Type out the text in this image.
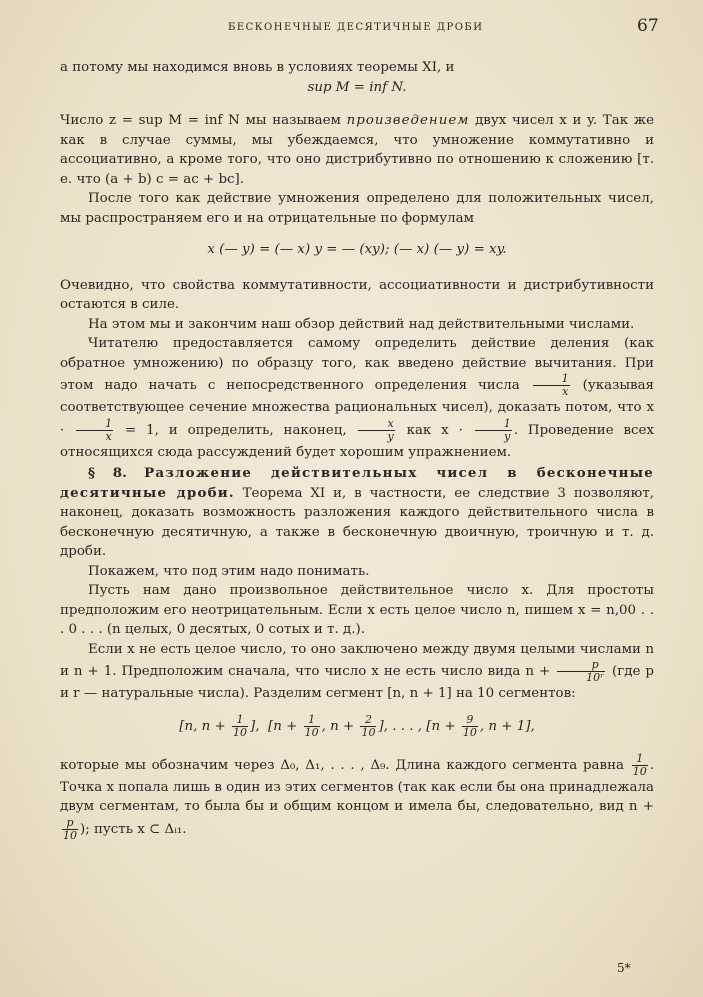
БЕСКОНЕЧНЫЕ ДЕСЯТИЧНЫЕ ДРОБИ	67

а потому мы находимся вновь в условиях теоремы XI, и

sup M = inf N.

Число z = sup M = inf N мы называем произведением двух чисел x и y. Так же как в случае суммы, мы убеждаемся, что умножение коммутативно и ассоциативно, а кроме того, что оно дистрибутивно по отношению к сложению [т. е. что (a + b) c = ac + bc].

После того как действие умножения определено для положительных чисел, мы распространяем его и на отрицательные по формулам

x (— y) = (— x) y = — (xy); (— x) (— y) = xy.

Очевидно, что свойства коммутативности, ассоциативности и дистрибутивности остаются в силе.

На этом мы и закончим наш обзор действий над действительными числами.

Читателю предоставляется самому определить действие деления (как обратное умножению) по образцу того, как введено действие вычитания. При этом надо начать с непосредственного определения числа $\frac{1}{x}$ (указывая соответствующее сечение множества рациональных чисел), доказать потом, что $x \cdot \frac{1}{x} = 1$, и определить, наконец, $\frac{x}{y}$ как $x \cdot \frac{1}{y}$ . Проведение всех относящихся сюда рассуждений будет хорошим упражнением.

§ 8. Разложение действительных чисел в бесконечные десятичные дроби. Теорема XI и, в частности, ее следствие 3 позволяют, наконец, доказать возможность разложения каждого действительного числа в бесконечную десятичную, а также в бесконечную двоичную, троичную и т. д. дроби.

Покажем, что под этим надо понимать.

Пусть нам дано произвольное действительное число x. Для простоты предположим его неотрицательным. Если x есть целое число n, пишем x = n,00 . . . 0 . . . (n целых, 0 десятых, 0 сотых и т. д.).

Если x не есть целое число, то оно заключено между двумя целыми числами n и n + 1. Предположим сначала, что число x не есть число вида $n + \frac{p}{\text{10ʳ}} (где$ p и r — натуральные числа). Разделим сегмент [n, n + 1] на 10 сегментов:

[n, $n + \frac{1}{10}$ ], [$n + \frac{1}{10}$ , $n + \frac{2}{10}$ ], . . . , [$n + \frac{9}{10}$ , n + 1],

которые мы обозначим через Δ₀, Δ₁, . . . , Δ₉. Длина каждого сегмента равна $\frac{1}{10}$ . Точка x попала лишь в один из этих сегментов (так как если бы она принадлежала двум сегментам, то была бы и общим концом и имела бы, следовательно, вид n +
$\frac{p}{10}$ ); пусть x ⊂ Δᵢ₁.

5*
